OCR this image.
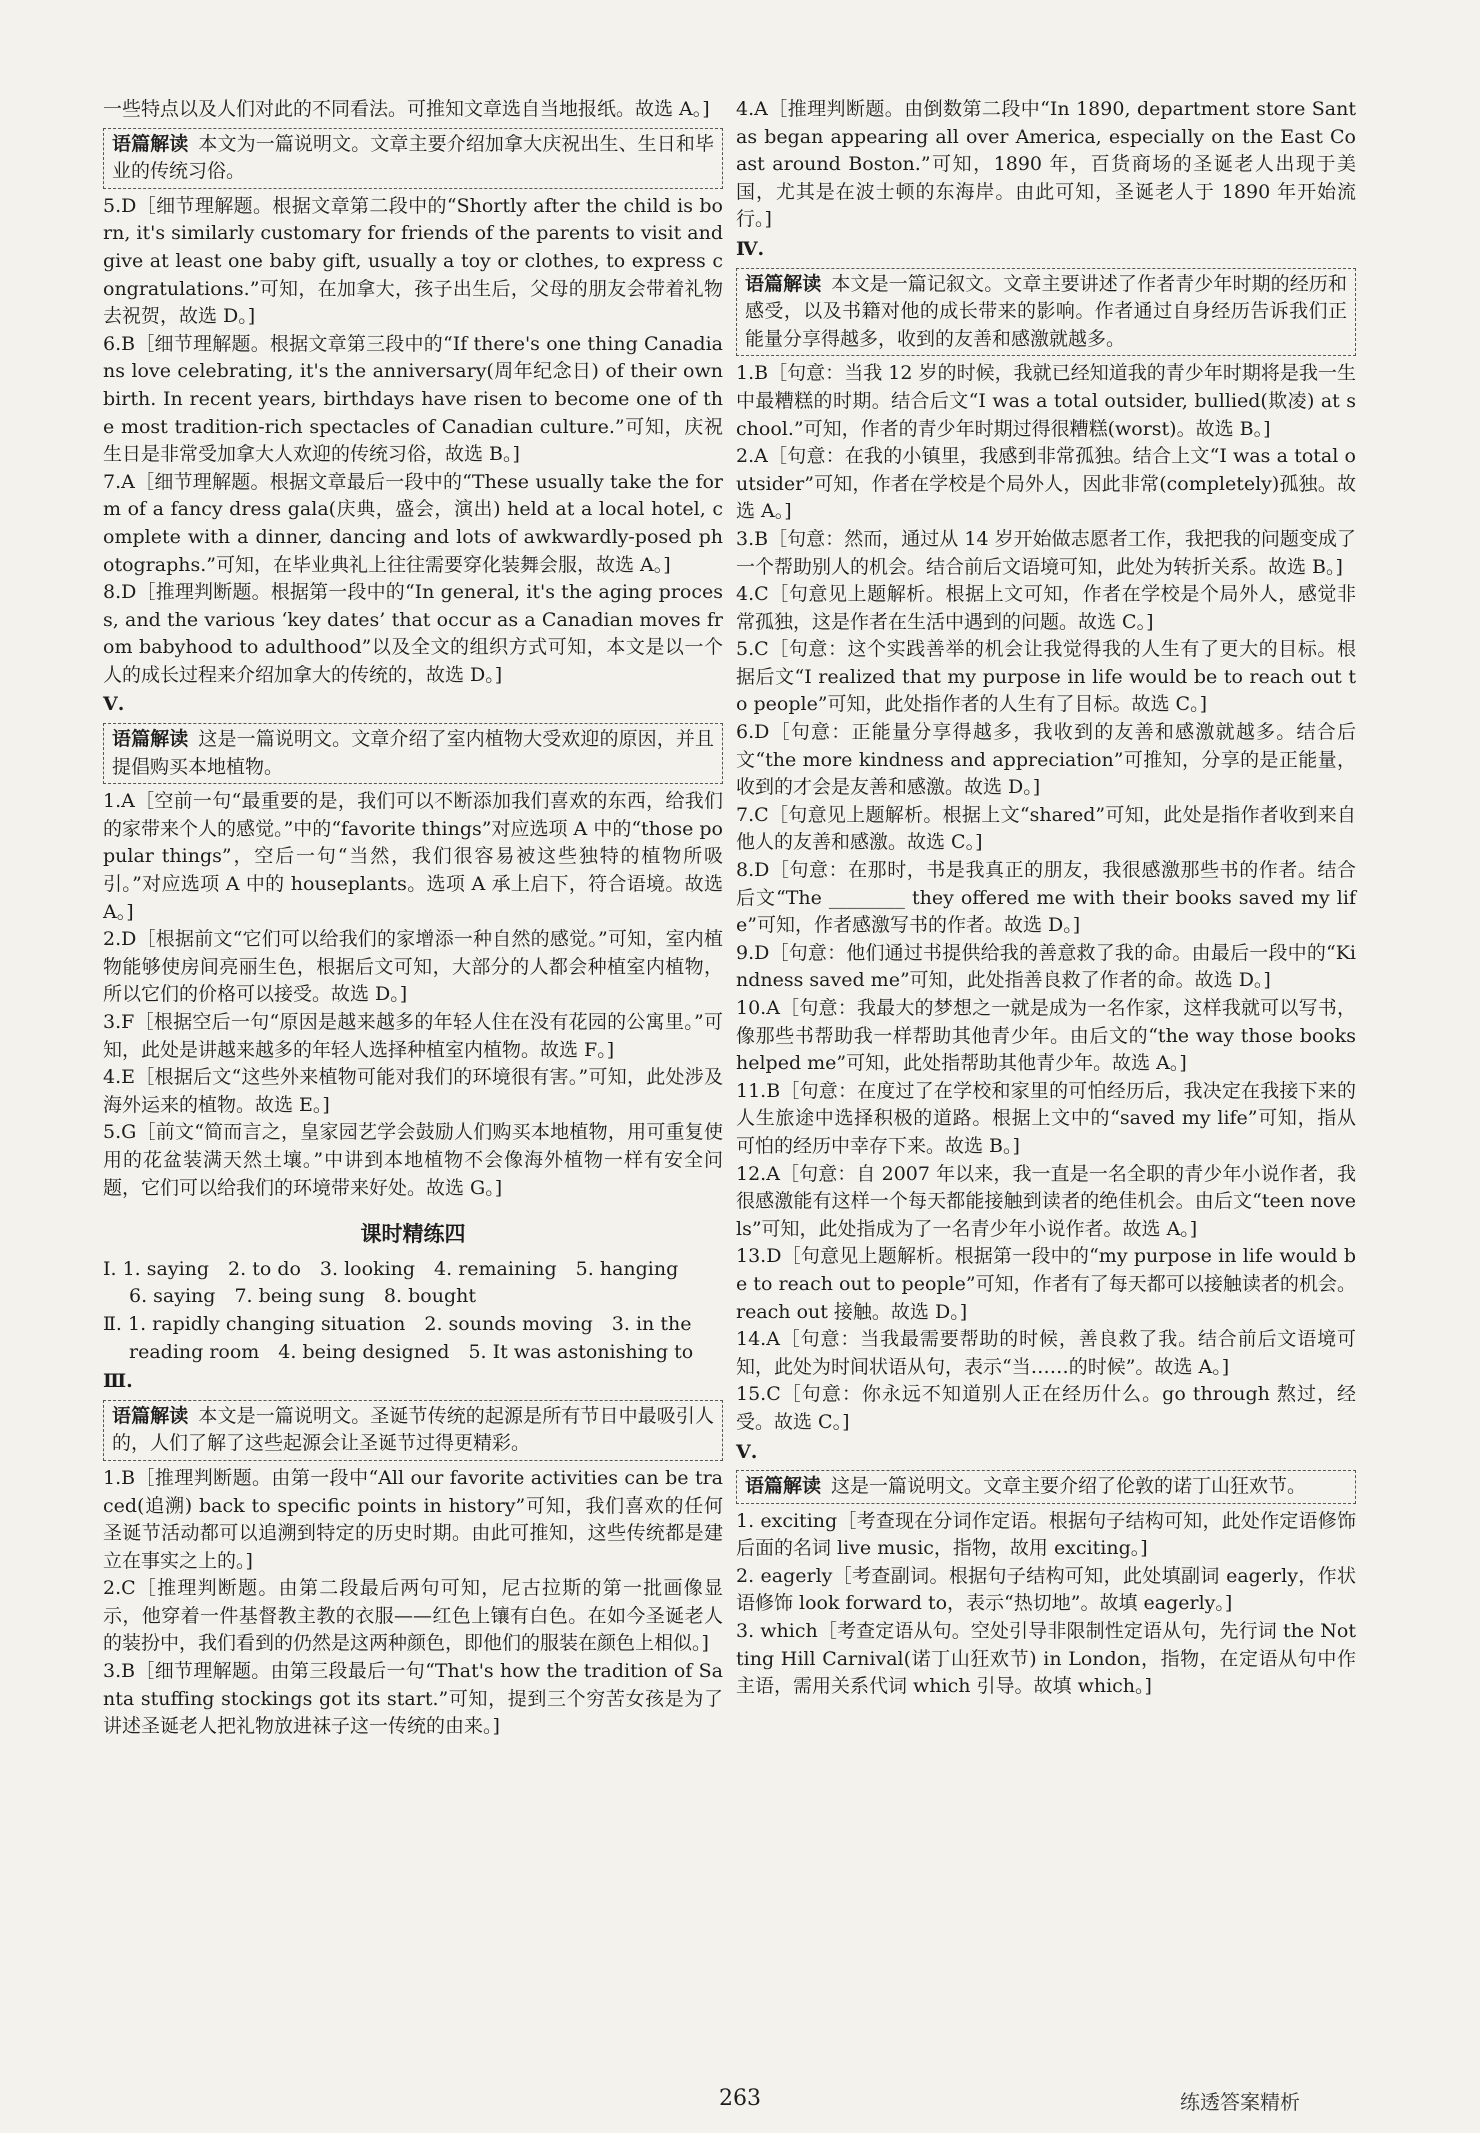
一些特点以及人们对此的不同看法。可推知文章选自当地报纸。故选 A。]

语篇解读 本文为一篇说明文。文章主要介绍加拿大庆祝出生、生日和毕业的传统习俗。

5.D［细节理解题。根据文章第二段中的“Shortly after the child is born, it's similarly customary for friends of the parents to visit and give at least one baby gift, usually a toy or clothes, to express congratulations.”可知，在加拿大，孩子出生后，父母的朋友会带着礼物去祝贺，故选 D。]

6.B［细节理解题。根据文章第三段中的“If there's one thing Canadians love celebrating, it's the anniversary(周年纪念日) of their own birth. In recent years, birthdays have risen to become one of the most tradition-rich spectacles of Canadian culture.”可知，庆祝生日是非常受加拿大人欢迎的传统习俗，故选 B。]

7.A［细节理解题。根据文章最后一段中的“These usually take the form of a fancy dress gala(庆典，盛会，演出) held at a local hotel, complete with a dinner, dancing and lots of awkwardly-posed photographs.”可知，在毕业典礼上往往需要穿化装舞会服，故选 A。]

8.D［推理判断题。根据第一段中的“In general, it's the aging process, and the various ‘key dates’ that occur as a Canadian moves from babyhood to adulthood”以及全文的组织方式可知，本文是以一个人的成长过程来介绍加拿大的传统的，故选 D。]

Ⅴ.

语篇解读 这是一篇说明文。文章介绍了室内植物大受欢迎的原因，并且提倡购买本地植物。

1.A［空前一句“最重要的是，我们可以不断添加我们喜欢的东西，给我们的家带来个人的感觉。”中的“favorite things”对应选项 A 中的“those popular things”，空后一句“当然，我们很容易被这些独特的植物所吸引。”对应选项 A 中的 houseplants。选项 A 承上启下，符合语境。故选 A。]

2.D［根据前文“它们可以给我们的家增添一种自然的感觉。”可知，室内植物能够使房间亮丽生色，根据后文可知，大部分的人都会种植室内植物，所以它们的价格可以接受。故选 D。]

3.F［根据空后一句“原因是越来越多的年轻人住在没有花园的公寓里。”可知，此处是讲越来越多的年轻人选择种植室内植物。故选 F。]

4.E［根据后文“这些外来植物可能对我们的环境很有害。”可知，此处涉及海外运来的植物。故选 E。]

5.G［前文“简而言之，皇家园艺学会鼓励人们购买本地植物，用可重复使用的花盆装满天然土壤。”中讲到本地植物不会像海外植物一样有安全问题，它们可以给我们的环境带来好处。故选 G。]

课时精练四

Ⅰ. 1. saying　2. to do　3. looking　4. remaining　5. hanging

6. saying　7. being sung　8. bought

Ⅱ. 1. rapidly changing situation　2. sounds moving　3. in the

reading room　4. being designed　5. It was astonishing to

Ⅲ.

语篇解读 本文是一篇说明文。圣诞节传统的起源是所有节日中最吸引人的，人们了解了这些起源会让圣诞节过得更精彩。

1.B［推理判断题。由第一段中“All our favorite activities can be traced(追溯) back to specific points in history”可知，我们喜欢的任何圣诞节活动都可以追溯到特定的历史时期。由此可推知，这些传统都是建立在事实之上的。]

2.C［推理判断题。由第二段最后两句可知，尼古拉斯的第一批画像显示，他穿着一件基督教主教的衣服——红色上镶有白色。在如今圣诞老人的装扮中，我们看到的仍然是这两种颜色，即他们的服装在颜色上相似。]

3.B［细节理解题。由第三段最后一句“That's how the tradition of Santa stuffing stockings got its start.”可知，提到三个穷苦女孩是为了讲述圣诞老人把礼物放进袜子这一传统的由来。]

4.A［推理判断题。由倒数第二段中“In 1890, department store Santas began appearing all over America, especially on the East Coast around Boston.”可知，1890 年，百货商场的圣诞老人出现于美国，尤其是在波士顿的东海岸。由此可知，圣诞老人于 1890 年开始流行。]

Ⅳ.

语篇解读 本文是一篇记叙文。文章主要讲述了作者青少年时期的经历和感受，以及书籍对他的成长带来的影响。作者通过自身经历告诉我们正能量分享得越多，收到的友善和感激就越多。

1.B［句意：当我 12 岁的时候，我就已经知道我的青少年时期将是我一生中最糟糕的时期。结合后文“I was a total outsider, bullied(欺凌) at school.”可知，作者的青少年时期过得很糟糕(worst)。故选 B。]

2.A［句意：在我的小镇里，我感到非常孤独。结合上文“I was a total outsider”可知，作者在学校是个局外人，因此非常(completely)孤独。故选 A。]

3.B［句意：然而，通过从 14 岁开始做志愿者工作，我把我的问题变成了一个帮助别人的机会。结合前后文语境可知，此处为转折关系。故选 B。]

4.C［句意见上题解析。根据上文可知，作者在学校是个局外人，感觉非常孤独，这是作者在生活中遇到的问题。故选 C。]

5.C［句意：这个实践善举的机会让我觉得我的人生有了更大的目标。根据后文“I realized that my purpose in life would be to reach out to people”可知，此处指作者的人生有了目标。故选 C。]

6.D［句意：正能量分享得越多，我收到的友善和感激就越多。结合后文“the more kindness and appreciation”可推知，分享的是正能量，收到的才会是友善和感激。故选 D。]

7.C［句意见上题解析。根据上文“shared”可知，此处是指作者收到来自他人的友善和感激。故选 C。]

8.D［句意：在那时，书是我真正的朋友，我很感激那些书的作者。结合后文“The ________ they offered me with their books saved my life”可知，作者感激写书的作者。故选 D。]

9.D［句意：他们通过书提供给我的善意救了我的命。由最后一段中的“Kindness saved me”可知，此处指善良救了作者的命。故选 D。]

10.A［句意：我最大的梦想之一就是成为一名作家，这样我就可以写书，像那些书帮助我一样帮助其他青少年。由后文的“the way those books helped me”可知，此处指帮助其他青少年。故选 A。]

11.B［句意：在度过了在学校和家里的可怕经历后，我决定在我接下来的人生旅途中选择积极的道路。根据上文中的“saved my life”可知，指从可怕的经历中幸存下来。故选 B。]

12.A［句意：自 2007 年以来，我一直是一名全职的青少年小说作者，我很感激能有这样一个每天都能接触到读者的绝佳机会。由后文“teen novels”可知，此处指成为了一名青少年小说作者。故选 A。]

13.D［句意见上题解析。根据第一段中的“my purpose in life would be to reach out to people”可知，作者有了每天都可以接触读者的机会。reach out 接触。故选 D。]

14.A［句意：当我最需要帮助的时候，善良救了我。结合前后文语境可知，此处为时间状语从句，表示“当……的时候”。故选 A。]

15.C［句意：你永远不知道别人正在经历什么。go through 熬过，经受。故选 C。]

Ⅴ.

语篇解读 这是一篇说明文。文章主要介绍了伦敦的诺丁山狂欢节。

1. exciting［考查现在分词作定语。根据句子结构可知，此处作定语修饰后面的名词 live music，指物，故用 exciting。]

2. eagerly［考查副词。根据句子结构可知，此处填副词 eagerly，作状语修饰 look forward to，表示“热切地”。故填 eagerly。]

3. which［考查定语从句。空处引导非限制性定语从句，先行词 the Notting Hill Carnival(诺丁山狂欢节) in London，指物，在定语从句中作主语，需用关系代词 which 引导。故填 which。]

263	练透答案精析
